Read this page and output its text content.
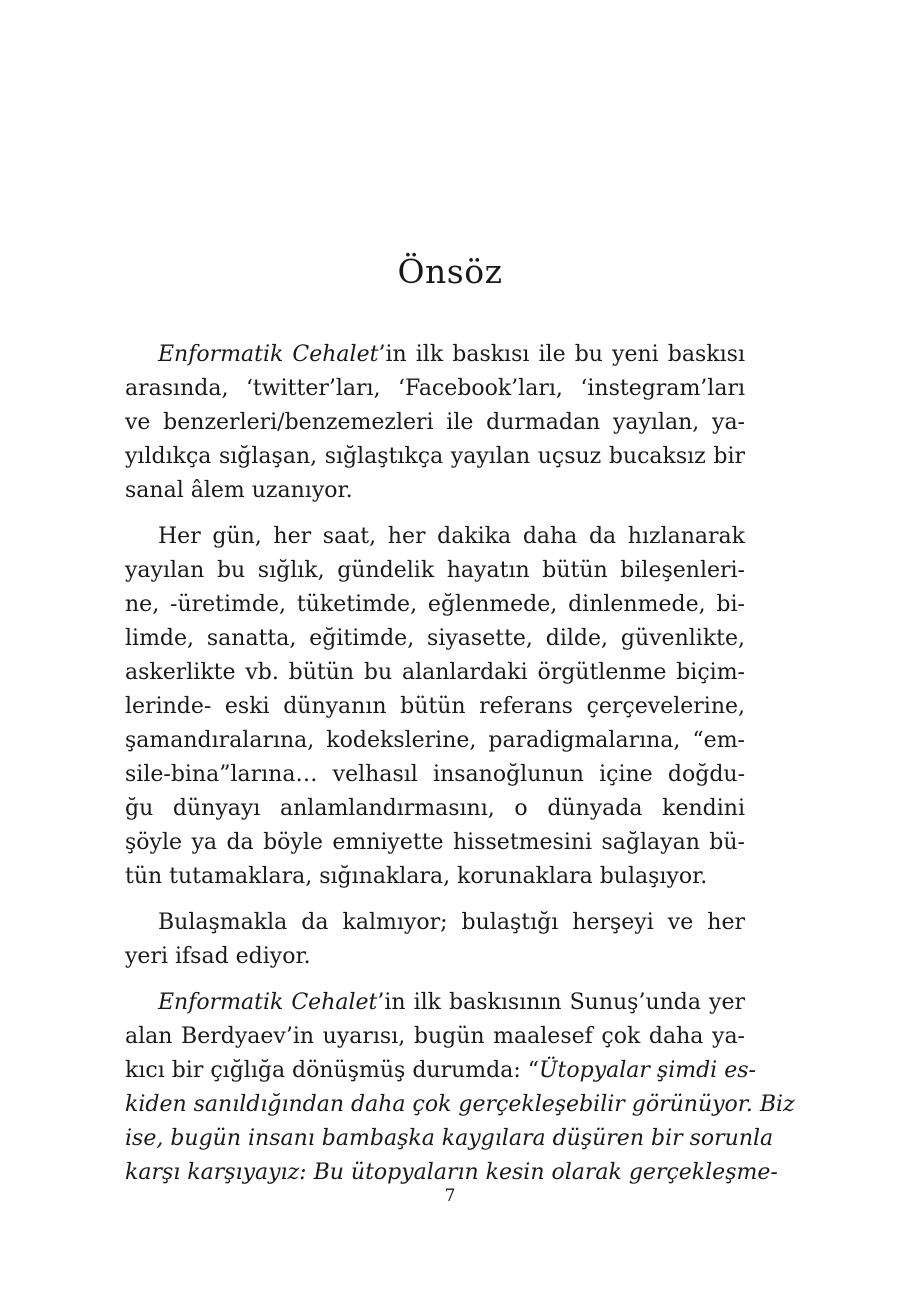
Önsöz

Enformatik Cehalet’in ilk baskısı ile bu yeni baskısı
arasında, ‘twitter’ları, ‘Facebook’ları, ‘instegram’ları
ve benzerleri/benzemezleri ile durmadan yayılan, ya-
yıldıkça sığlaşan, sığlaştıkça yayılan uçsuz bucaksız bir
sanal âlem uzanıyor.

Her gün, her saat, her dakika daha da hızlanarak
yayılan bu sığlık, gündelik hayatın bütün bileşenleri-
ne, -üretimde, tüketimde, eğlenmede, dinlenmede, bi-
limde, sanatta, eğitimde, siyasette, dilde, güvenlikte,
askerlikte vb. bütün bu alanlardaki örgütlenme biçim-
lerinde- eski dünyanın bütün referans çerçevelerine,
şamandıralarına, kodekslerine, paradigmalarına, “em-
sile-bina”larına… velhasıl insanoğlunun içine doğdu-
ğu dünyayı anlamlandırmasını, o dünyada kendini
şöyle ya da böyle emniyette hissetmesini sağlayan bü-
tün tutamaklara, sığınaklara, korunaklara bulaşıyor.

Bulaşmakla da kalmıyor; bulaştığı herşeyi ve her
yeri ifsad ediyor.

Enformatik Cehalet’in ilk baskısının Sunuş’unda yer
alan Berdyaev’in uyarısı, bugün maalesef çok daha ya-
kıcı bir çığlığa dönüşmüş durumda: “Ütopyalar şimdi es-
kiden sanıldığından daha çok gerçekleşebilir görünüyor. Biz
ise, bugün insanı bambaşka kaygılara düşüren bir sorunla
karşı karşıyayız: Bu ütopyaların kesin olarak gerçekleşme-

7
